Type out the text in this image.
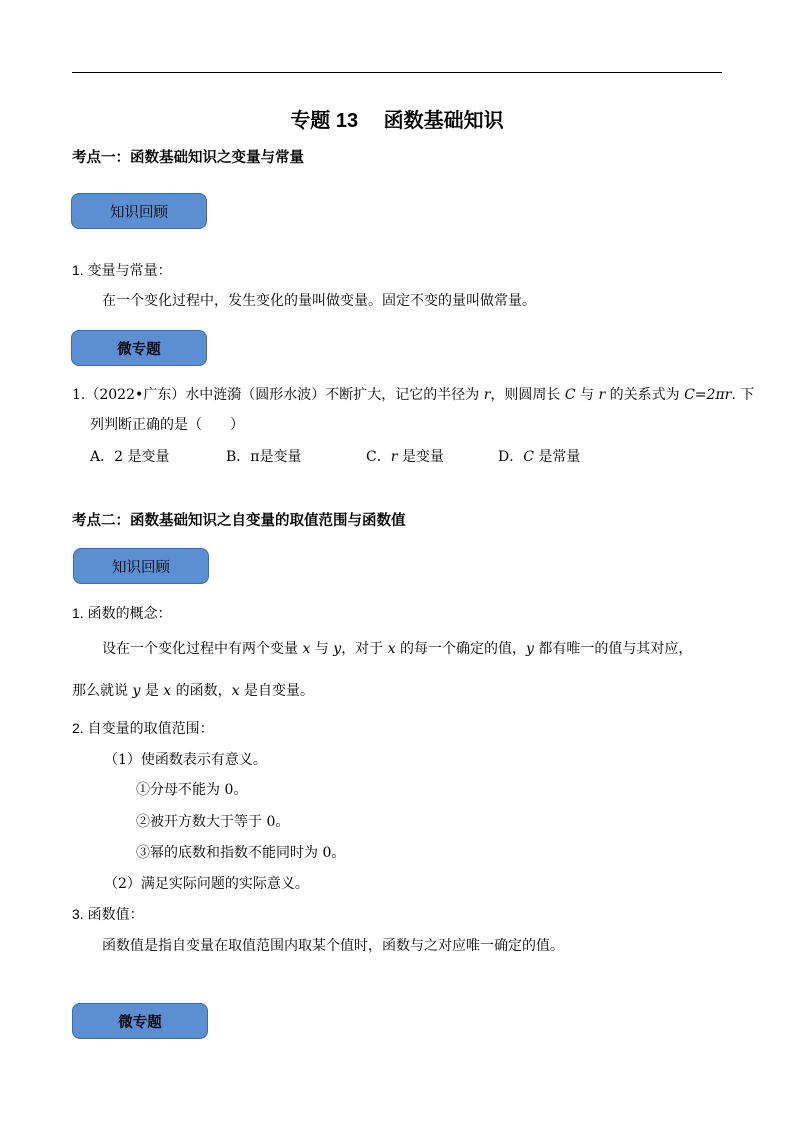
专题 13　 函数基础知识
考点一：函数基础知识之变量与常量
知识回顾
1. 变量与常量：
在一个变化过程中，发生变化的量叫做变量。固定不变的量叫做常量。
微专题
1.（2022•广东）水中涟漪（圆形水波）不断扩大，记它的半径为 r，则圆周长 C 与 r 的关系式为 C=2πr. 下
列判断正确的是（　　）
A．2 是变量	B．π是变量	C．r 是变量	D．C 是常量
考点二：函数基础知识之自变量的取值范围与函数值
知识回顾
1. 函数的概念：
设在一个变化过程中有两个变量 x 与 y，对于 x 的每一个确定的值，y 都有唯一的值与其对应，
那么就说 y 是 x 的函数，x 是自变量。
2. 自变量的取值范围：
（1）使函数表示有意义。
①分母不能为 0。
②被开方数大于等于 0。
③幂的底数和指数不能同时为 0。
（2）满足实际问题的实际意义。
3. 函数值：
函数值是指自变量在取值范围内取某个值时，函数与之对应唯一确定的值。
微专题
